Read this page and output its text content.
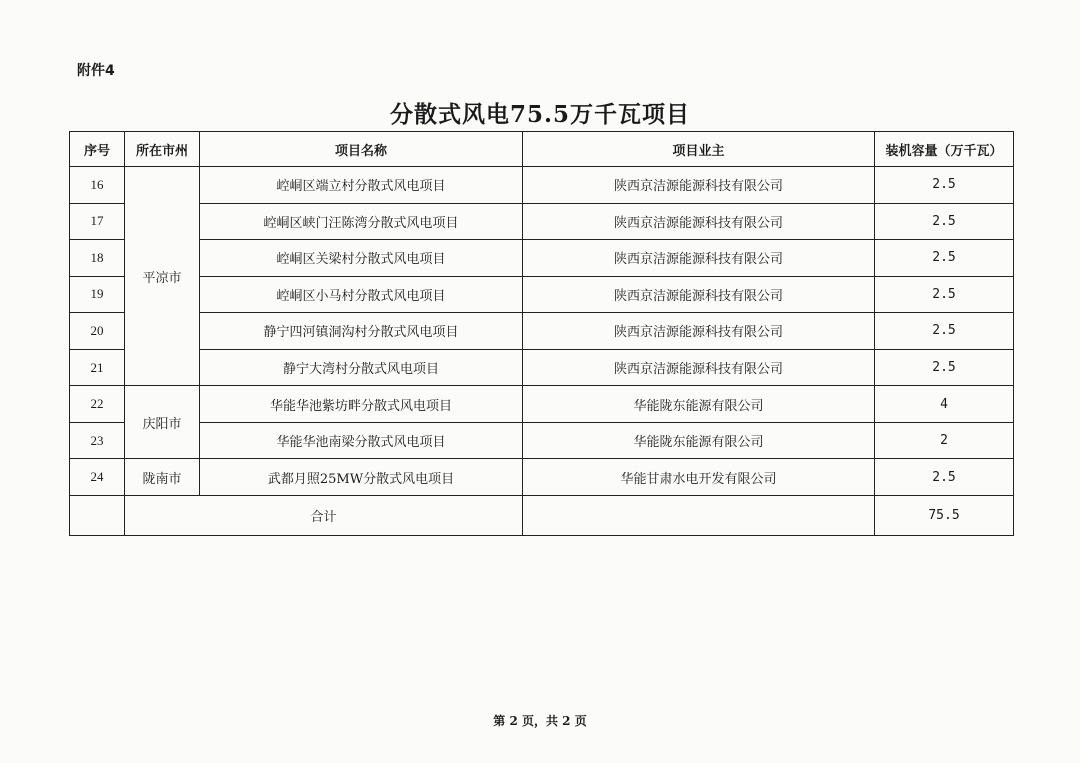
附件4
分散式风电75.5万千瓦项目
序号	所在市州	项目名称	项目业主	装机容量（万千瓦）
16	平凉市	崆峒区端立村分散式风电项目	陕西京洁源能源科技有限公司	2.5
17		崆峒区峡门汪陈湾分散式风电项目	陕西京洁源能源科技有限公司	2.5
18		崆峒区关梁村分散式风电项目	陕西京洁源能源科技有限公司	2.5
19		崆峒区小马村分散式风电项目	陕西京洁源能源科技有限公司	2.5
20		静宁四河镇洞沟村分散式风电项目	陕西京洁源能源科技有限公司	2.5
21		静宁大湾村分散式风电项目	陕西京洁源能源科技有限公司	2.5
22	庆阳市	华能华池紫坊畔分散式风电项目	华能陇东能源有限公司	4
23		华能华池南梁分散式风电项目	华能陇东能源有限公司	2
24	陇南市	武都月照25MW分散式风电项目	华能甘肃水电开发有限公司	2.5
	合计			75.5
第 2 页，共 2 页
